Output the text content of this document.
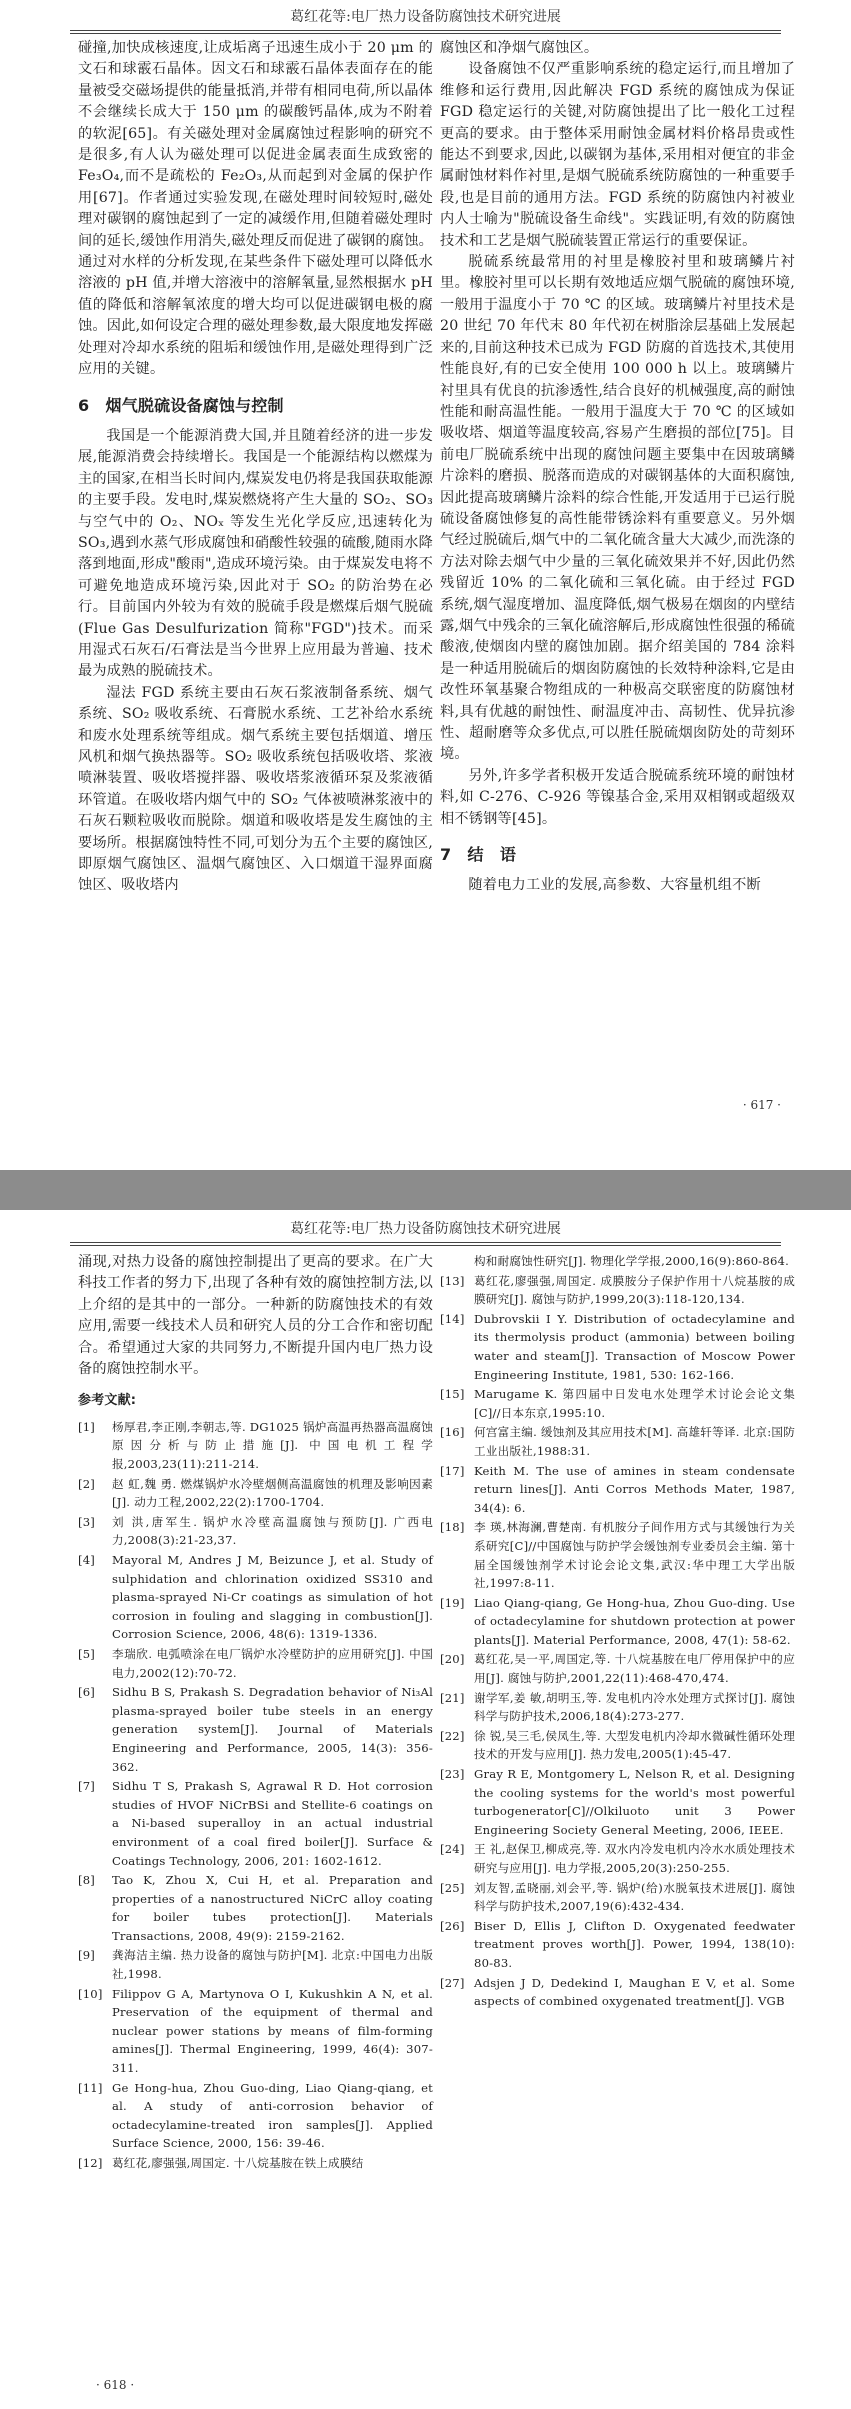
葛红花等:电厂热力设备防腐蚀技术研究进展

碰撞,加快成核速度,让成垢离子迅速生成小于 20 μm 的文石和球霰石晶体。因文石和球霰石晶体表面存在的能量被受交磁场提供的能量抵消,并带有相同电荷,所以晶体不会继续长成大于 150 μm 的碳酸钙晶体,成为不附着的软泥[65]。有关磁处理对金属腐蚀过程影响的研究不是很多,有人认为磁处理可以促进金属表面生成致密的 Fe₃O₄,而不是疏松的 Fe₂O₃,从而起到对金属的保护作用[67]。作者通过实验发现,在磁处理时间较短时,磁处理对碳钢的腐蚀起到了一定的减缓作用,但随着磁处理时间的延长,缓蚀作用消失,磁处理反而促进了碳钢的腐蚀。通过对水样的分析发现,在某些条件下磁处理可以降低水溶液的 pH 值,并增大溶液中的溶解氧量,显然根据水 pH 值的降低和溶解氧浓度的增大均可以促进碳钢电极的腐蚀。因此,如何设定合理的磁处理参数,最大限度地发挥磁处理对冷却水系统的阻垢和缓蚀作用,是磁处理得到广泛应用的关键。

6　烟气脱硫设备腐蚀与控制

我国是一个能源消费大国,并且随着经济的进一步发展,能源消费会持续增长。我国是一个能源结构以燃煤为主的国家,在相当长时间内,煤炭发电仍将是我国获取能源的主要手段。发电时,煤炭燃烧将产生大量的 SO₂、SO₃ 与空气中的 O₂、NOₓ 等发生光化学反应,迅速转化为 SO₃,遇到水蒸气形成腐蚀和硝酸性较强的硫酸,随雨水降落到地面,形成"酸雨",造成环境污染。由于煤炭发电将不可避免地造成环境污染,因此对于 SO₂ 的防治势在必行。目前国内外较为有效的脱硫手段是燃煤后烟气脱硫(Flue Gas Desulfurization 简称"FGD")技术。而采用湿式石灰石/石膏法是当今世界上应用最为普遍、技术最为成熟的脱硫技术。

湿法 FGD 系统主要由石灰石浆液制备系统、烟气系统、SO₂ 吸收系统、石膏脱水系统、工艺补给水系统和废水处理系统等组成。烟气系统主要包括烟道、增压风机和烟气换热器等。SO₂ 吸收系统包括吸收塔、浆液喷淋装置、吸收塔搅拌器、吸收塔浆液循环泵及浆液循环管道。在吸收塔内烟气中的 SO₂ 气体被喷淋浆液中的石灰石颗粒吸收而脱除。烟道和吸收塔是发生腐蚀的主要场所。根据腐蚀特性不同,可划分为五个主要的腐蚀区,即原烟气腐蚀区、温烟气腐蚀区、入口烟道干湿界面腐蚀区、吸收塔内

腐蚀区和净烟气腐蚀区。

设备腐蚀不仅严重影响系统的稳定运行,而且增加了维修和运行费用,因此解决 FGD 系统的腐蚀成为保证 FGD 稳定运行的关键,对防腐蚀提出了比一般化工过程更高的要求。由于整体采用耐蚀金属材料价格昂贵或性能达不到要求,因此,以碳钢为基体,采用相对便宜的非金属耐蚀材料作衬里,是烟气脱硫系统防腐蚀的一种重要手段,也是目前的通用方法。FGD 系统的防腐蚀内衬被业内人士喻为"脱硫设备生命线"。实践证明,有效的防腐蚀技术和工艺是烟气脱硫装置正常运行的重要保证。

脱硫系统最常用的衬里是橡胶衬里和玻璃鳞片衬里。橡胶衬里可以长期有效地适应烟气脱硫的腐蚀环境,一般用于温度小于 70 ℃ 的区域。玻璃鳞片衬里技术是 20 世纪 70 年代末 80 年代初在树脂涂层基础上发展起来的,目前这种技术已成为 FGD 防腐的首选技术,其使用性能良好,有的已安全使用 100 000 h 以上。玻璃鳞片衬里具有优良的抗渗透性,结合良好的机械强度,高的耐蚀性能和耐高温性能。一般用于温度大于 70 ℃ 的区域如吸收塔、烟道等温度较高,容易产生磨损的部位[75]。目前电厂脱硫系统中出现的腐蚀问题主要集中在因玻璃鳞片涂料的磨损、脱落而造成的对碳钢基体的大面积腐蚀,因此提高玻璃鳞片涂料的综合性能,开发适用于已运行脱硫设备腐蚀修复的高性能带锈涂料有重要意义。另外烟气经过脱硫后,烟气中的二氧化硫含量大大减少,而洗涤的方法对除去烟气中少量的三氧化硫效果并不好,因此仍然残留近 10% 的二氧化硫和三氧化硫。由于经过 FGD 系统,烟气湿度增加、温度降低,烟气极易在烟囱的内壁结露,烟气中残余的三氧化硫溶解后,形成腐蚀性很强的稀硫酸液,使烟囱内壁的腐蚀加剧。据介绍美国的 784 涂料是一种适用脱硫后的烟囱防腐蚀的长效特种涂料,它是由改性环氧基聚合物组成的一种极高交联密度的防腐蚀材料,具有优越的耐蚀性、耐温度冲击、高韧性、优异抗渗性、超耐磨等众多优点,可以胜任脱硫烟囱防处的苛刻环境。

另外,许多学者积极开发适合脱硫系统环境的耐蚀材料,如 C-276、C-926 等镍基合金,采用双相钢或超级双相不锈钢等[45]。

7　结　语

随着电力工业的发展,高参数、大容量机组不断

· 617 ·
葛红花等:电厂热力设备防腐蚀技术研究进展

涌现,对热力设备的腐蚀控制提出了更高的要求。在广大科技工作者的努力下,出现了各种有效的腐蚀控制方法,以上介绍的是其中的一部分。一种新的防腐蚀技术的有效应用,需要一线技术人员和研究人员的分工合作和密切配合。希望通过大家的共同努力,不断提升国内电厂热力设备的腐蚀控制水平。

参考文献:
[1]	杨厚君,李正刚,李朝志,等. DG1025 锅炉高温再热器高温腐蚀原因分析与防止措施[J]. 中国电机工程学报,2003,23(11):211-214.
[2]	赵 虹,魏 勇. 燃煤锅炉水冷壁烟侧高温腐蚀的机理及影响因素[J]. 动力工程,2002,22(2):1700-1704.
[3]	刘 洪,唐军生. 锅炉水冷壁高温腐蚀与预防[J]. 广西电力,2008(3):21-23,37.
[4]	Mayoral M, Andres J M, Beizunce J, et al. Study of sulphidation and chlorination oxidized SS310 and plasma-sprayed Ni-Cr coatings as simulation of hot corrosion in fouling and slagging in combustion[J]. Corrosion Science, 2006, 48(6): 1319-1336.
[5]	李瑞欣. 电弧喷涂在电厂锅炉水冷壁防护的应用研究[J]. 中国电力,2002(12):70-72.
[6]	Sidhu B S, Prakash S. Degradation behavior of Ni₃Al plasma-sprayed boiler tube steels in an energy generation system[J]. Journal of Materials Engineering and Performance, 2005, 14(3): 356-362.
[7]	Sidhu T S, Prakash S, Agrawal R D. Hot corrosion studies of HVOF NiCrBSi and Stellite-6 coatings on a Ni-based superalloy in an actual industrial environment of a coal fired boiler[J]. Surface & Coatings Technology, 2006, 201: 1602-1612.
[8]	Tao K, Zhou X, Cui H, et al. Preparation and properties of a nanostructured NiCrC alloy coating for boiler tubes protection[J]. Materials Transactions, 2008, 49(9): 2159-2162.
[9]	龚海洁主编. 热力设备的腐蚀与防护[M]. 北京:中国电力出版社,1998.
[10] Filippov G A, Martynova O I, Kukushkin A N, et al. Preservation of the equipment of thermal and nuclear power stations by means of film-forming amines[J]. Thermal Engineering, 1999, 46(4): 307-311.
[11] Ge Hong-hua, Zhou Guo-ding, Liao Qiang-qiang, et al. A study of anti-corrosion behavior of octadecylamine-treated iron samples[J]. Applied Surface Science, 2000, 156: 39-46.
[12] 葛红花,廖强强,周国定. 十八烷基胺在铁上成膜结
构和耐腐蚀性研究[J]. 物理化学学报,2000,16(9):860-864.
[13] 葛红花,廖强强,周国定. 成膜胺分子保护作用十八烷基胺的成膜研究[J]. 腐蚀与防护,1999,20(3):118-120,134.
[14] Dubrovskii I Y. Distribution of octadecylamine and its thermolysis product (ammonia) between boiling water and steam[J]. Transaction of Moscow Power Engineering Institute, 1981, 530: 162-166.
[15] Marugame K. 第四届中日发电水处理学术讨论会论文集[C]//日本东京,1995:10.
[16] 何宫富主编. 缓蚀剂及其应用技术[M]. 高雄轩等译. 北京:国防工业出版社,1988:31.
[17] Keith M. The use of amines in steam condensate return lines[J]. Anti Corros Methods Mater, 1987, 34(4): 6.
[18] 李 瑛,林海澜,曹楚南. 有机胺分子间作用方式与其缓蚀行为关系研究[C]//中国腐蚀与防护学会缓蚀剂专业委员会主编. 第十届全国缓蚀剂学术讨论会论文集,武汉:华中理工大学出版社,1997:8-11.
[19] Liao Qiang-qiang, Ge Hong-hua, Zhou Guo-ding. Use of octadecylamine for shutdown protection at power plants[J]. Material Performance, 2008, 47(1): 58-62.
[20] 葛红花,吴一平,周国定,等. 十八烷基胺在电厂停用保护中的应用[J]. 腐蚀与防护,2001,22(11):468-470,474.
[21] 谢学军,姜 敏,胡明玉,等. 发电机内冷水处理方式探讨[J]. 腐蚀科学与防护技术,2006,18(4):273-277.
[22] 徐 锐,吴三毛,侯凤生,等. 大型发电机内冷却水微碱性循环处理技术的开发与应用[J]. 热力发电,2005(1):45-47.
[23] Gray R E, Montgomery L, Nelson R, et al. Designing the cooling systems for the world's most powerful turbogenerator[C]//Olkiluoto unit 3 Power Engineering Society General Meeting, 2006, IEEE.
[24] 王 礼,赵保卫,柳成亮,等. 双水内冷发电机内冷水水质处理技术研究与应用[J]. 电力学报,2005,20(3):250-255.
[25] 刘友智,孟晓丽,刘会平,等. 锅炉(给)水脱氧技术进展[J]. 腐蚀科学与防护技术,2007,19(6):432-434.
[26] Biser D, Ellis J, Clifton D. Oxygenated feedwater treatment proves worth[J]. Power, 1994, 138(10): 80-83.
[27] Adsjen J D, Dedekind I, Maughan E V, et al. Some aspects of combined oxygenated treatment[J]. VGB
· 618 ·
